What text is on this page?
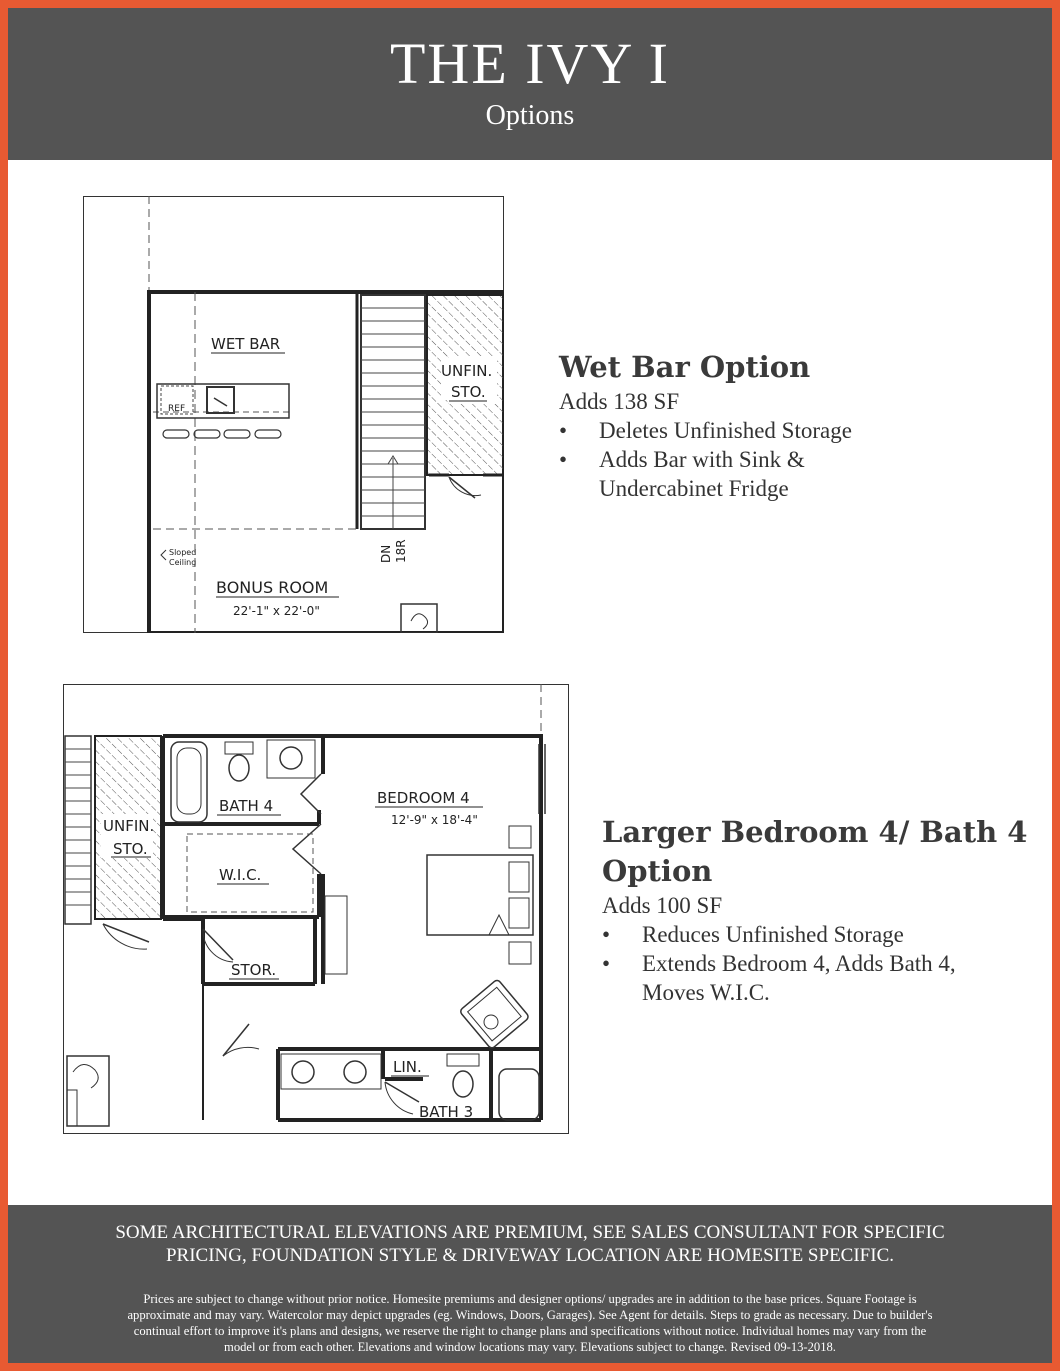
THE IVY I
Options
WET BAR
REF
UNFIN.
STO.
Sloped
Ceiling	DN 18R
BONUS ROOM
22'-1" x 22'-0"
Wet Bar Option
Adds 138 SF
• Deletes Unfinished Storage
• Adds Bar with Sink &
Undercabinet Fridge
UNFIN.
STO.
BATH 4
W.I.C.
STOR.
BEDROOM 4
12'-9" x 18'-4"
LIN.
BATH 3
Larger Bedroom 4/ Bath 4
Option
Adds 100 SF
• Reduces Unfinished Storage
• Extends Bedroom 4, Adds Bath 4,
Moves W.I.C.
SOME ARCHITECTURAL ELEVATIONS ARE PREMIUM, SEE SALES CONSULTANT FOR SPECIFIC
PRICING, FOUNDATION STYLE & DRIVEWAY LOCATION ARE HOMESITE SPECIFIC.
Prices are subject to change without prior notice. Homesite premiums and designer options/ upgrades are in addition to the base prices. Square Footage is
approximate and may vary. Watercolor may depict upgrades (eg. Windows, Doors, Garages). See Agent for details. Steps to grade as necessary. Due to builder's
continual effort to improve it's plans and designs, we reserve the right to change plans and specifications without notice. Individual homes may vary from the
model or from each other. Elevations and window locations may vary. Elevations subject to change. Revised 09-13-2018.
